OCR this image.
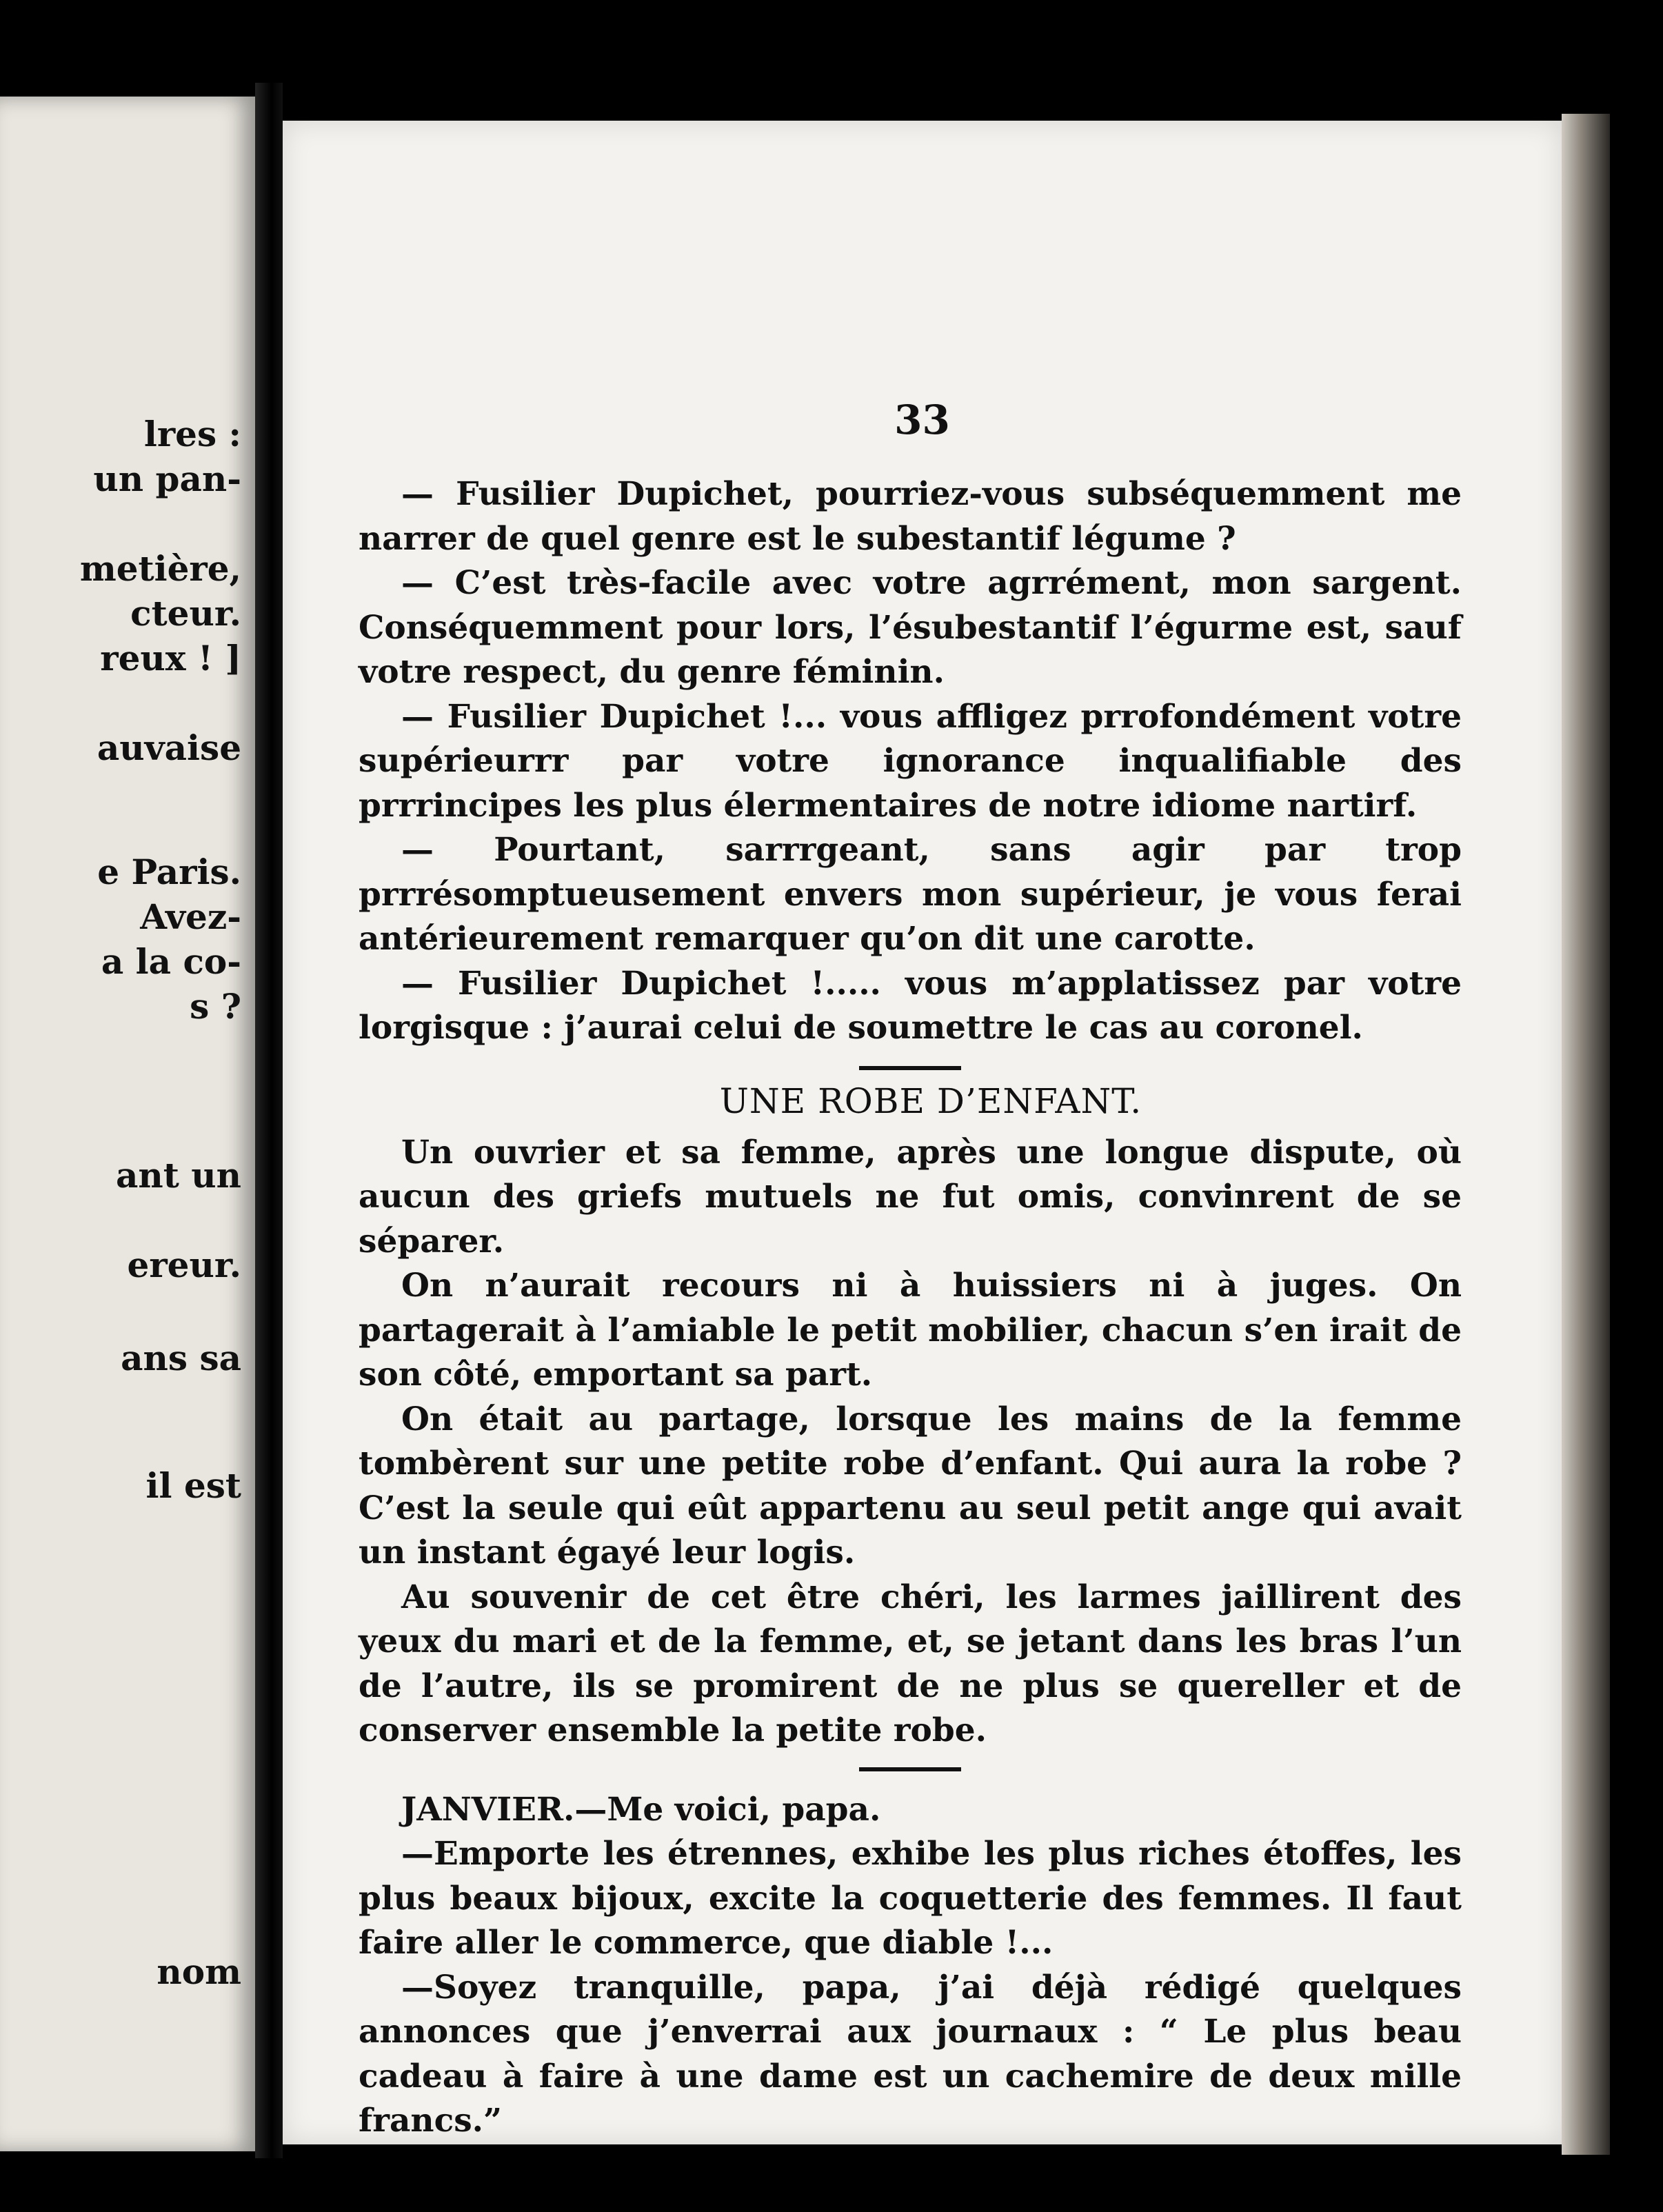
lres :
un pan-
metière,
cteur.
reux ! ]
auvaise
e Paris.
Avez-
a la co-
s ?
ant un
ereur.
ans sa
il est
nom
33

— Fusilier Dupichet, pourriez-vous subséquemment me narrer de quel genre est le subestantif légume ?

— C’est très-facile avec votre agrrément, mon sargent. Conséquemment pour lors, l’ésubestantif l’égurme est, sauf votre respect, du genre féminin.

— Fusilier Dupichet !... vous affligez prrofondément votre supérieurrr par votre ignorance inqualifiable des prrrincipes les plus élermentaires de notre idiome nartirf.

— Pourtant, sarrrgeant, sans agir par trop prrrésomptueusement envers mon supérieur, je vous ferai antérieurement remarquer qu’on dit une carotte.

— Fusilier Dupichet !..... vous m’applatissez par votre lorgisque : j’aurai celui de soumettre le cas au coronel.

UNE ROBE D’ENFANT.

Un ouvrier et sa femme, après une longue dispute, où aucun des griefs mutuels ne fut omis, convinrent de se séparer.

On n’aurait recours ni à huissiers ni à juges. On partagerait à l’amiable le petit mobilier, chacun s’en irait de son côté, emportant sa part.

On était au partage, lorsque les mains de la femme tombèrent sur une petite robe d’enfant. Qui aura la robe ? C’est la seule qui eût appartenu au seul petit ange qui avait un instant égayé leur logis.

Au souvenir de cet être chéri, les larmes jaillirent des yeux du mari et de la femme, et, se jetant dans les bras l’un de l’autre, ils se promirent de ne plus se quereller et de conserver ensemble la petite robe.

JANVIER.—Me voici, papa.

—Emporte les étrennes, exhibe les plus riches étoffes, les plus beaux bijoux, excite la coquetterie des femmes. Il faut faire aller le commerce, que diable !...

—Soyez tranquille, papa, j’ai déjà rédigé quelques annonces que j’enverrai aux journaux : “ Le plus beau cadeau à faire à une dame est un cachemire de deux mille francs.”
